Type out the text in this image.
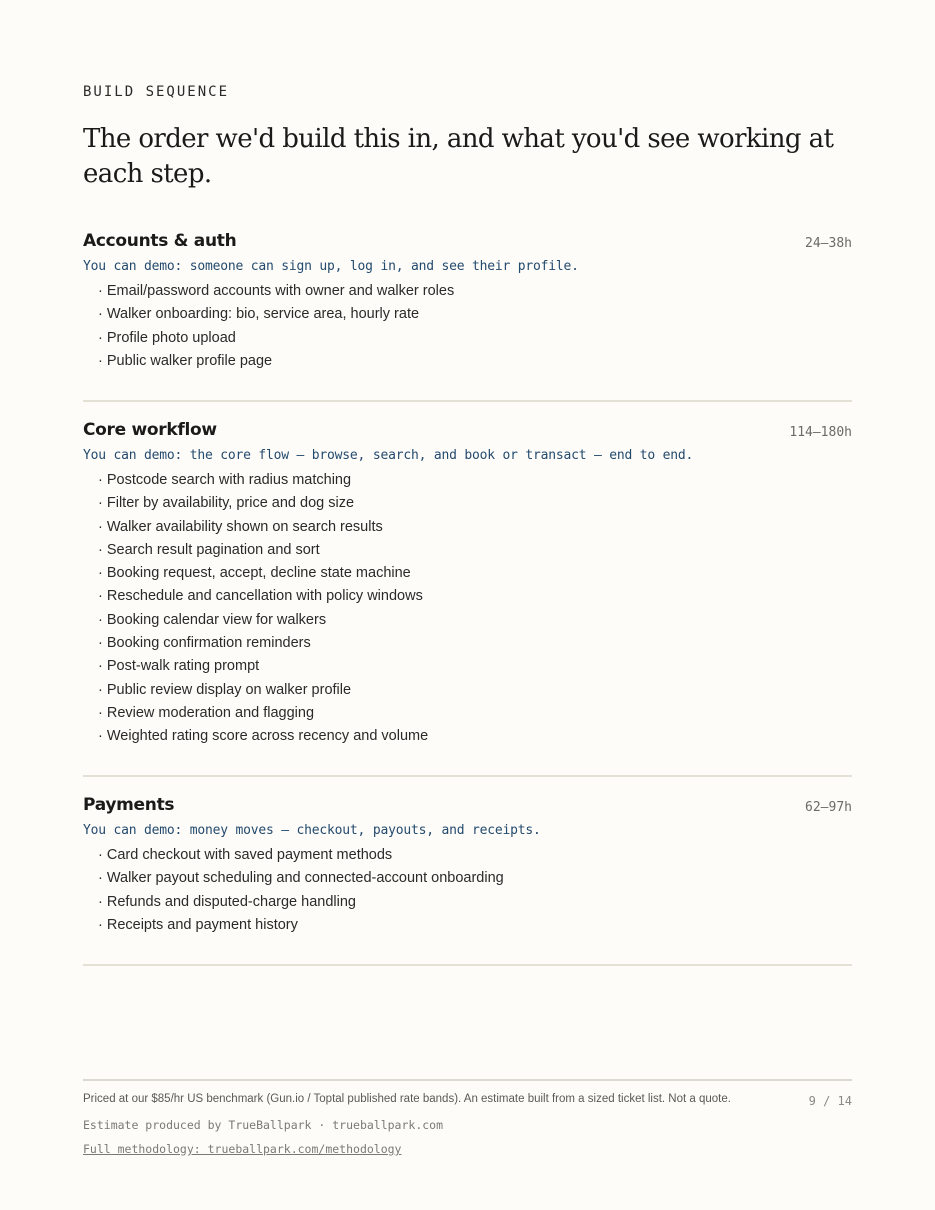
BUILD SEQUENCE
The order we'd build this in, and what you'd see working at each step.
Accounts & auth	24–38h
You can demo: someone can sign up, log in, and see their profile.
· Email/password accounts with owner and walker roles
· Walker onboarding: bio, service area, hourly rate
· Profile photo upload
· Public walker profile page
Core workflow	114–180h
You can demo: the core flow — browse, search, and book or transact — end to end.
· Postcode search with radius matching
· Filter by availability, price and dog size
· Walker availability shown on search results
· Search result pagination and sort
· Booking request, accept, decline state machine
· Reschedule and cancellation with policy windows
· Booking calendar view for walkers
· Booking confirmation reminders
· Post-walk rating prompt
· Public review display on walker profile
· Review moderation and flagging
· Weighted rating score across recency and volume
Payments	62–97h
You can demo: money moves — checkout, payouts, and receipts.
· Card checkout with saved payment methods
· Walker payout scheduling and connected-account onboarding
· Refunds and disputed-charge handling
· Receipts and payment history
Priced at our $85/hr US benchmark (Gun.io / Toptal published rate bands). An estimate built from a sized ticket list. Not a quote.	9 / 14
Estimate produced by TrueBallpark · trueballpark.com
Full methodology: trueballpark.com/methodology
